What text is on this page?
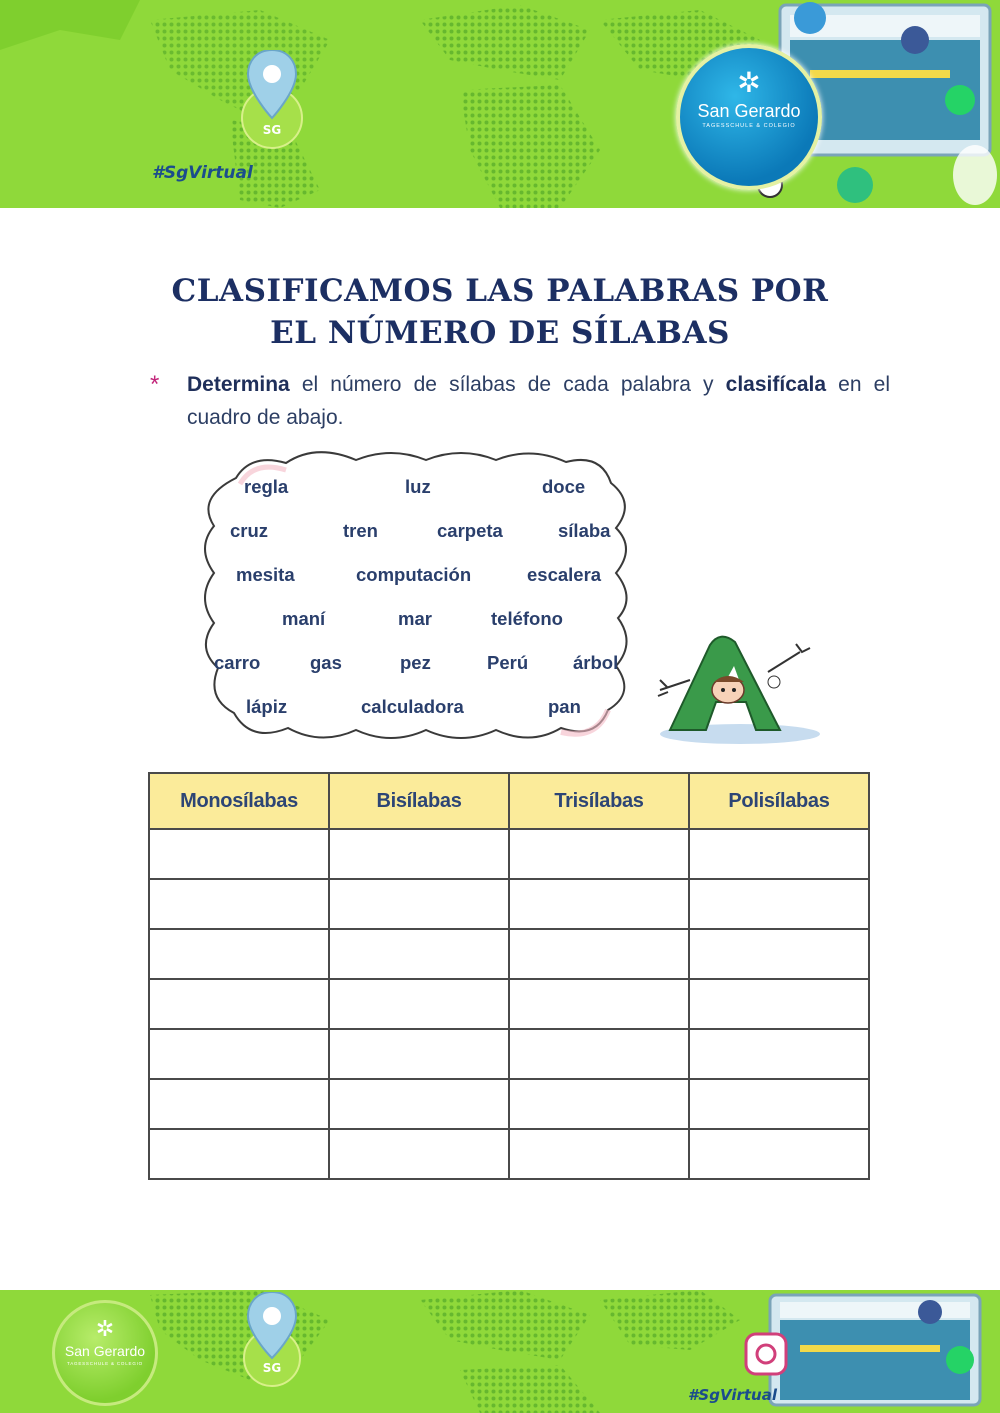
SG
#SgVirtual
✲
San Gerardo
TAGESSCHULE & COLEGIO
CLASIFICAMOS LAS PALABRAS POR
EL NÚMERO DE SÍLABAS
* Determina el número de sílabas de cada palabra y clasifícala en el cuadro de abajo.
regla	luz	doce
cruz	tren	carpeta	sílaba
mesita	computación	escalera
maní	mar	teléfono
carro	gas	pez	Perú árbol
lápiz	calculadora	pan
Monosílabas	Bisílabas	Trisílabas	Polisílabas

✲
San Gerardo
TAGESSCHULE & COLEGIO	SG
#SgVirtual
